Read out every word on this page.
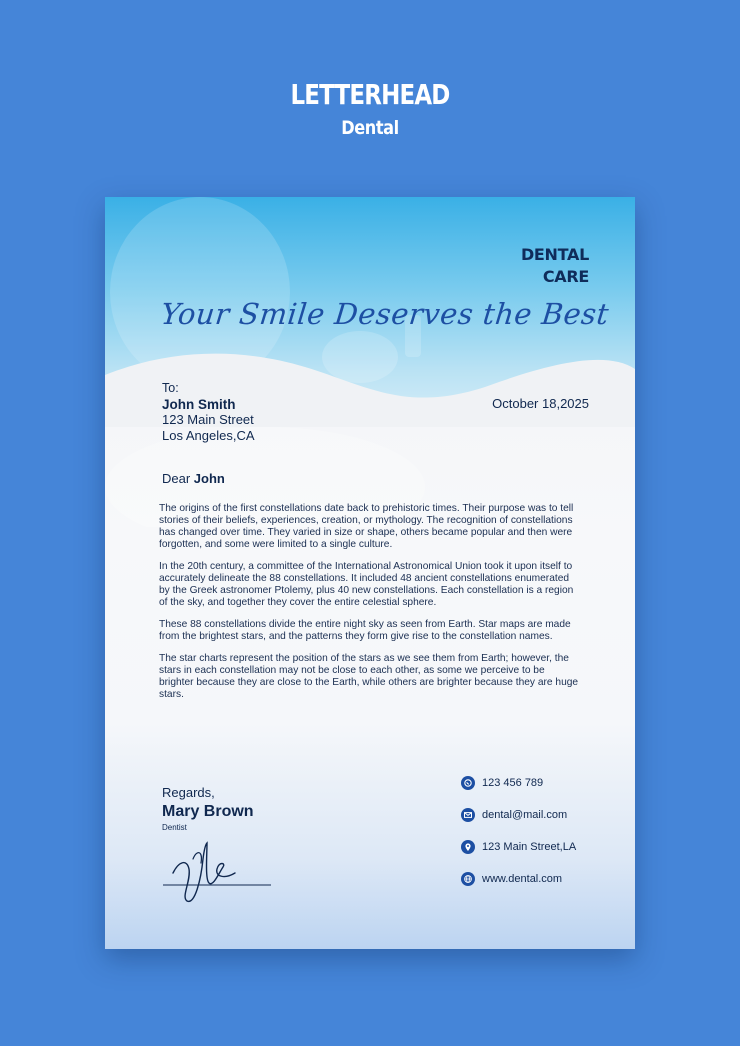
LETTERHEAD
Dental
DENTAL
CARE
Your Smile Deserves the Best
To:
John Smith
123 Main Street
Los Angeles,CA
October 18,2025
Dear John

The origins of the first constellations date back to prehistoric times. Their purpose was to tell stories of their beliefs, experiences, creation, or mythology. The recognition of constellations has changed over time. They varied in size or shape, others became popular and then were forgotten, and some were limited to a single culture.

In the 20th century, a committee of the International Astronomical Union took it upon itself to accurately delineate the 88 constellations. It included 48 ancient constellations enumerated by the Greek astronomer Ptolemy, plus 40 new constellations. Each constellation is a region of the sky, and together they cover the entire celestial sphere.

These 88 constellations divide the entire night sky as seen from Earth. Star maps are made from the brightest stars, and the patterns they form give rise to the constellation names.

The star charts represent the position of the stars as we see them from Earth; however, the stars in each constellation may not be close to each other, as some we perceive to be brighter because they are close to the Earth, while others are brighter because they are huge stars.

Regards,
Mary Brown
Dentist
123 456 789
dental@mail.com
123 Main Street,LA
www.dental.com
